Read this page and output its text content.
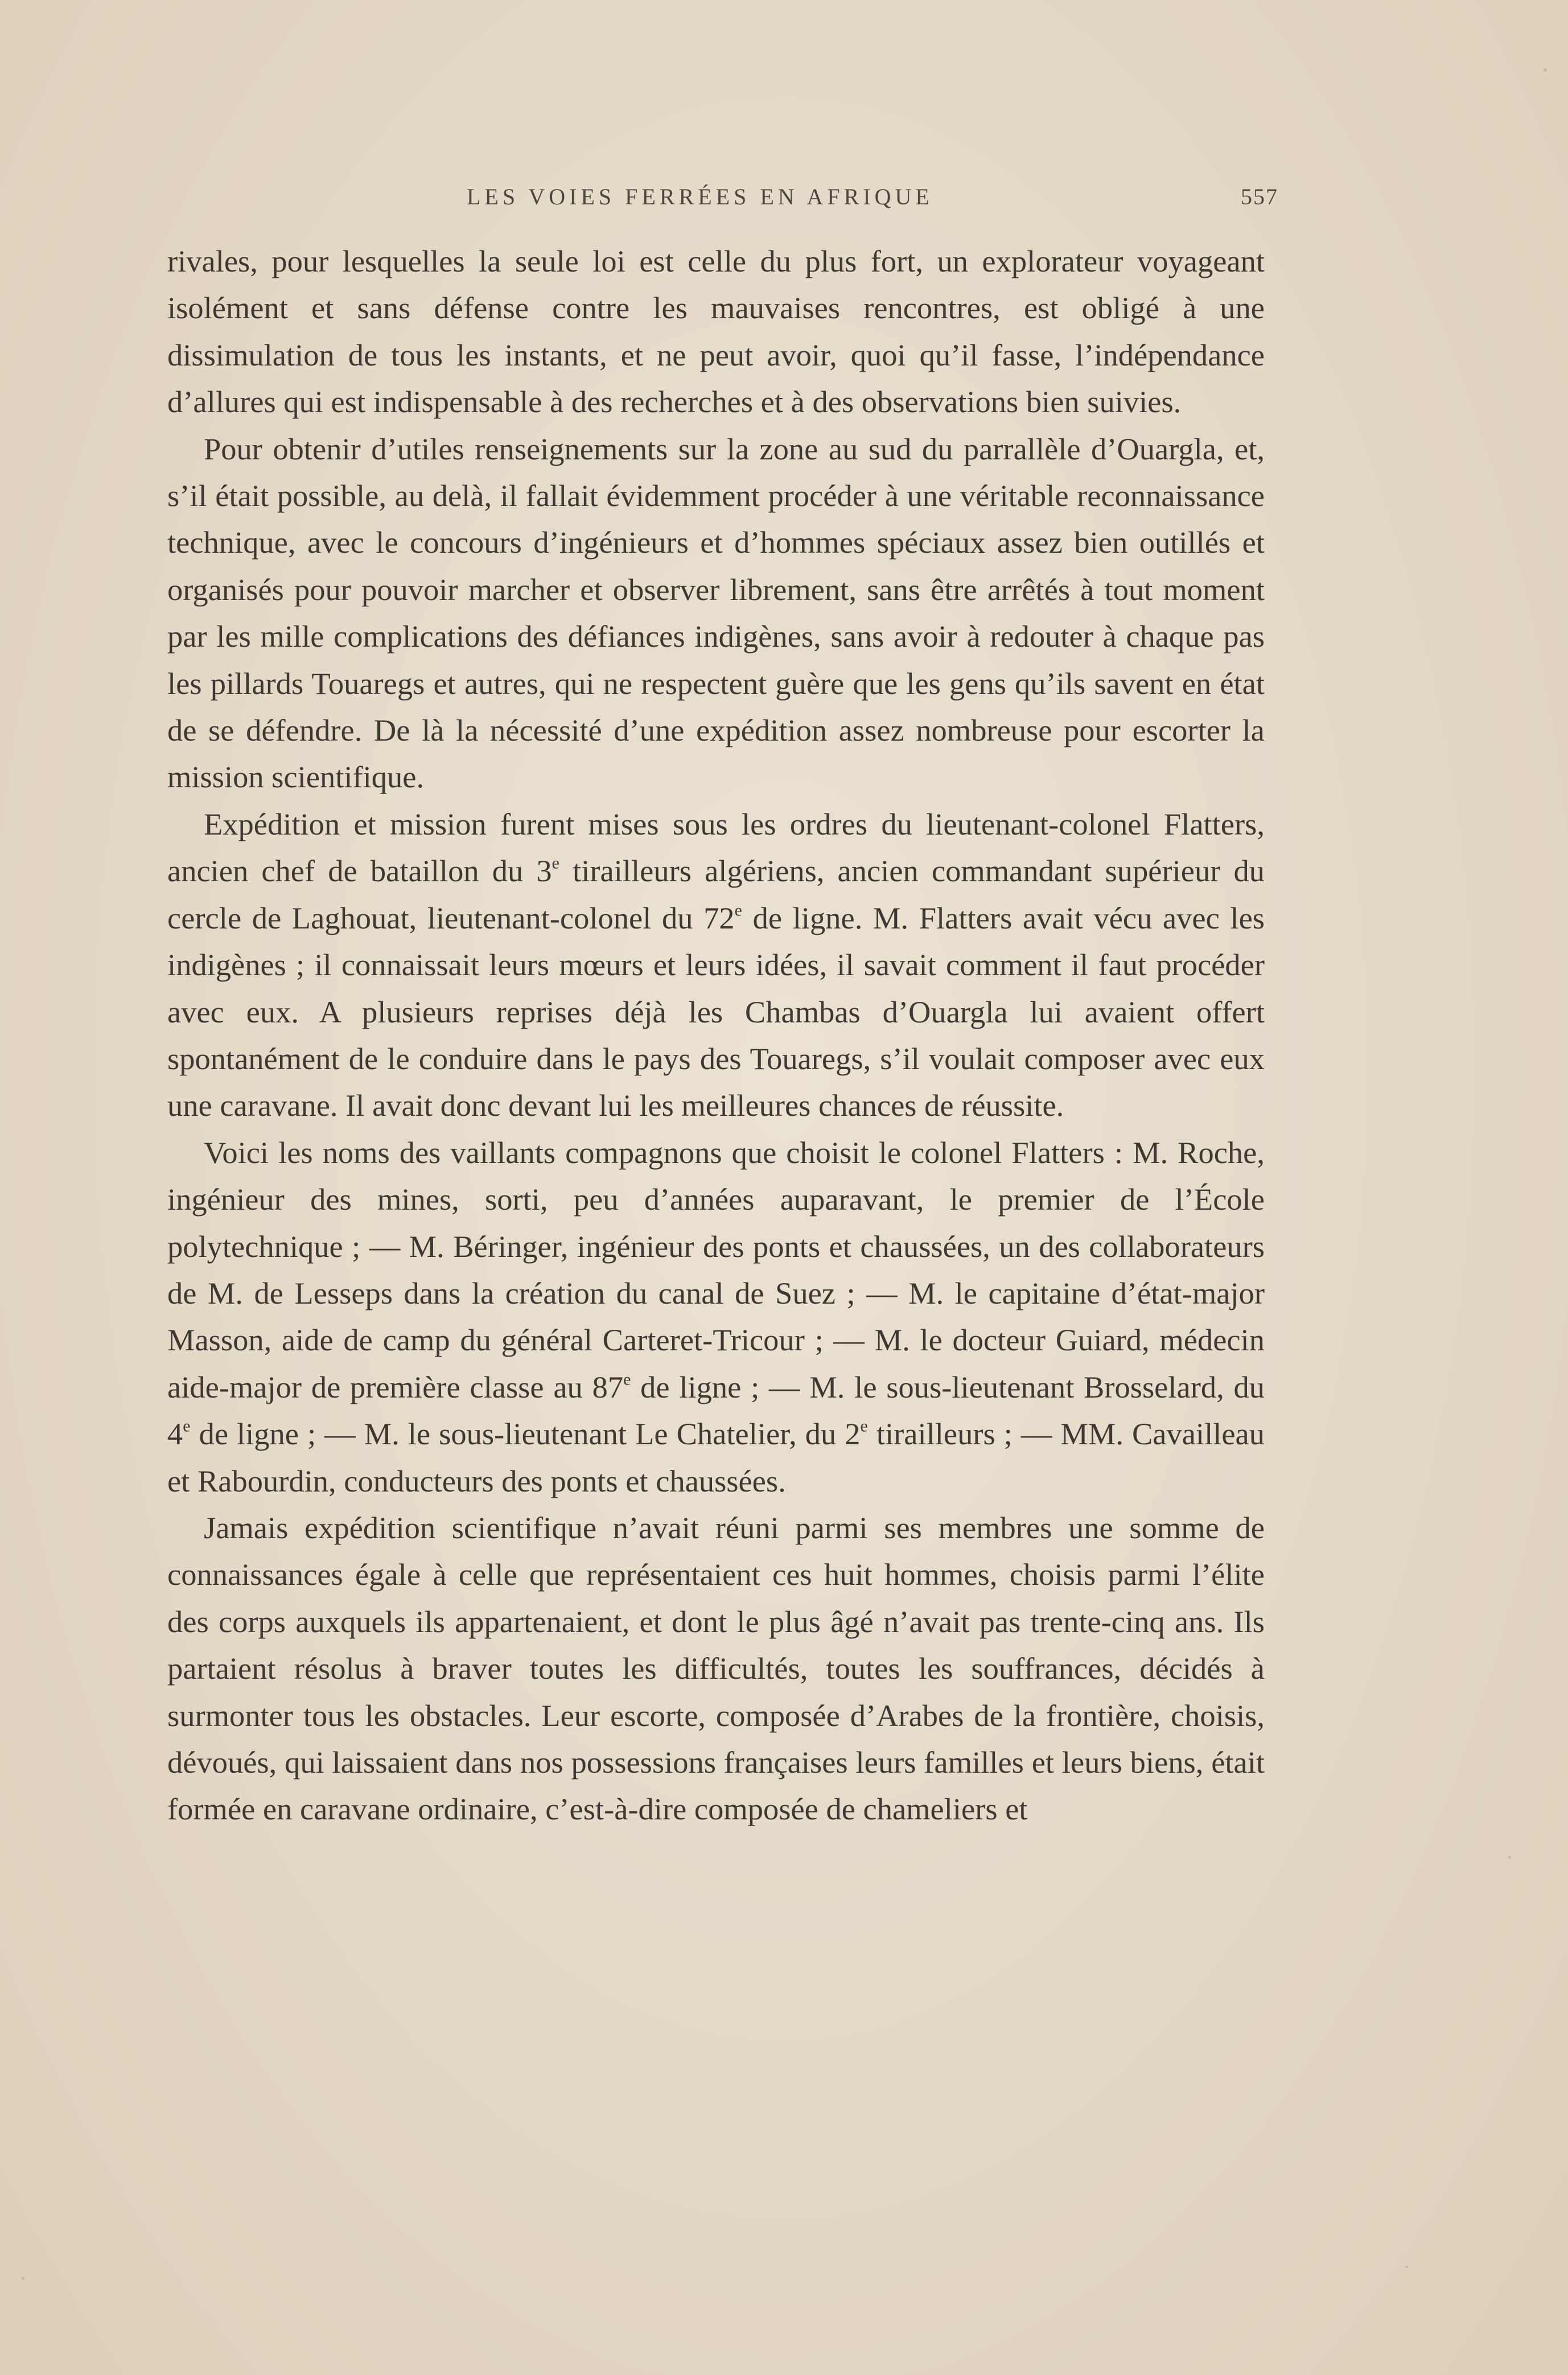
LES VOIES FERRÉES EN AFRIQUE	557

rivales, pour lesquelles la seule loi est celle du plus fort, un explorateur voyageant isolément et sans défense contre les mauvaises rencontres, est obligé à une dissimulation de tous les instants, et ne peut avoir, quoi qu’il fasse, l’indépendance d’allures qui est indispensable à des recherches et à des observations bien suivies.

Pour obtenir d’utiles renseignements sur la zone au sud du parrallèle d’Ouargla, et, s’il était possible, au delà, il fallait évidemment procéder à une véritable reconnaissance technique, avec le concours d’ingénieurs et d’hommes spéciaux assez bien outillés et organisés pour pouvoir marcher et observer librement, sans être arrêtés à tout moment par les mille complications des défiances indigènes, sans avoir à redouter à chaque pas les pillards Touaregs et autres, qui ne respectent guère que les gens qu’ils savent en état de se défendre. De là la nécessité d’une expédition assez nombreuse pour escorter la mission scientifique.

Expédition et mission furent mises sous les ordres du lieutenant-colonel Flatters, ancien chef de bataillon du 3e tirailleurs algériens, ancien commandant supérieur du cercle de Laghouat, lieutenant-colonel du 72e de ligne. M. Flatters avait vécu avec les indigènes ; il connaissait leurs mœurs et leurs idées, il savait comment il faut procéder avec eux. A plusieurs reprises déjà les Chambas d’Ouargla lui avaient offert spontanément de le conduire dans le pays des Touaregs, s’il voulait composer avec eux une caravane. Il avait donc devant lui les meilleures chances de réussite.

Voici les noms des vaillants compagnons que choisit le colonel Flatters : M. Roche, ingénieur des mines, sorti, peu d’années auparavant, le premier de l’École polytechnique ; — M. Béringer, ingénieur des ponts et chaussées, un des collaborateurs de M. de Lesseps dans la création du canal de Suez ; — M. le capitaine d’état-major Masson, aide de camp du général Carteret-Tricour ; — M. le docteur Guiard, médecin aide-major de première classe au 87e de ligne ; — M. le sous-lieutenant Brosselard, du 4e de ligne ; — M. le sous-lieutenant Le Chatelier, du 2e tirailleurs ; — MM. Cavailleau et Rabourdin, conducteurs des ponts et chaussées.

Jamais expédition scientifique n’avait réuni parmi ses membres une somme de connaissances égale à celle que représentaient ces huit hommes, choisis parmi l’élite des corps auxquels ils appartenaient, et dont le plus âgé n’avait pas trente-cinq ans. Ils partaient résolus à braver toutes les difficultés, toutes les souffrances, décidés à surmonter tous les obstacles. Leur escorte, composée d’Arabes de la frontière, choisis, dévoués, qui laissaient dans nos possessions françaises leurs familles et leurs biens, était formée en caravane ordinaire, c’est-à-dire composée de chameliers et
